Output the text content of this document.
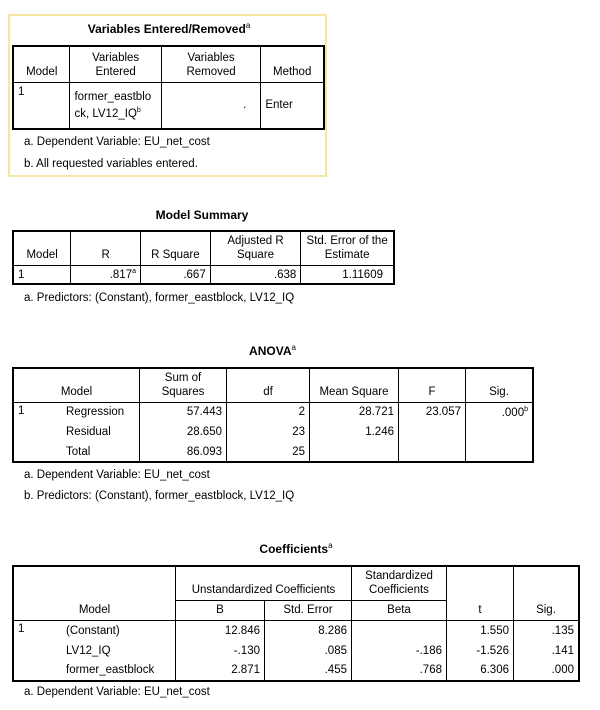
Variables Entered/Removed$^a$
Model	Variables Entered	Variables Removed	Method
1	former_eastblock, $LV12\_IQ^b$	.	Enter
a. Dependent Variable: EU_net_cost
b. All requested variables entered.
Model Summary
Model	R	R Square	Adjusted R Square	Std. Error of the Estimate
1	.817$^a$	.667	.638	1.11609
a. Predictors: (Constant), former_eastblock, LV12_IQ
ANOVA$^a$
Model		Sum of Squares	df	Mean Square	F	Sig.
1	Regression	57.443	2	28.721	23.057	.000$^b$
	Residual	28.650	23	1.246		
	Total	86.093	25			
a. Dependent Variable: EU_net_cost
b. Predictors: (Constant), former_eastblock, LV12_IQ
Coefficients$^a$
Model		Unstandardized Coefficients		Standardized Coefficients	t	Sig.
		B	Std. Error	Beta		
1	(Constant)	12.846	8.286		1.550	.135
	LV12_IQ	-.130	.085	-.186	-1.526	.141
	former_eastblock	2.871	.455	.768	6.306	.000
a. Dependent Variable: EU_net_cost
